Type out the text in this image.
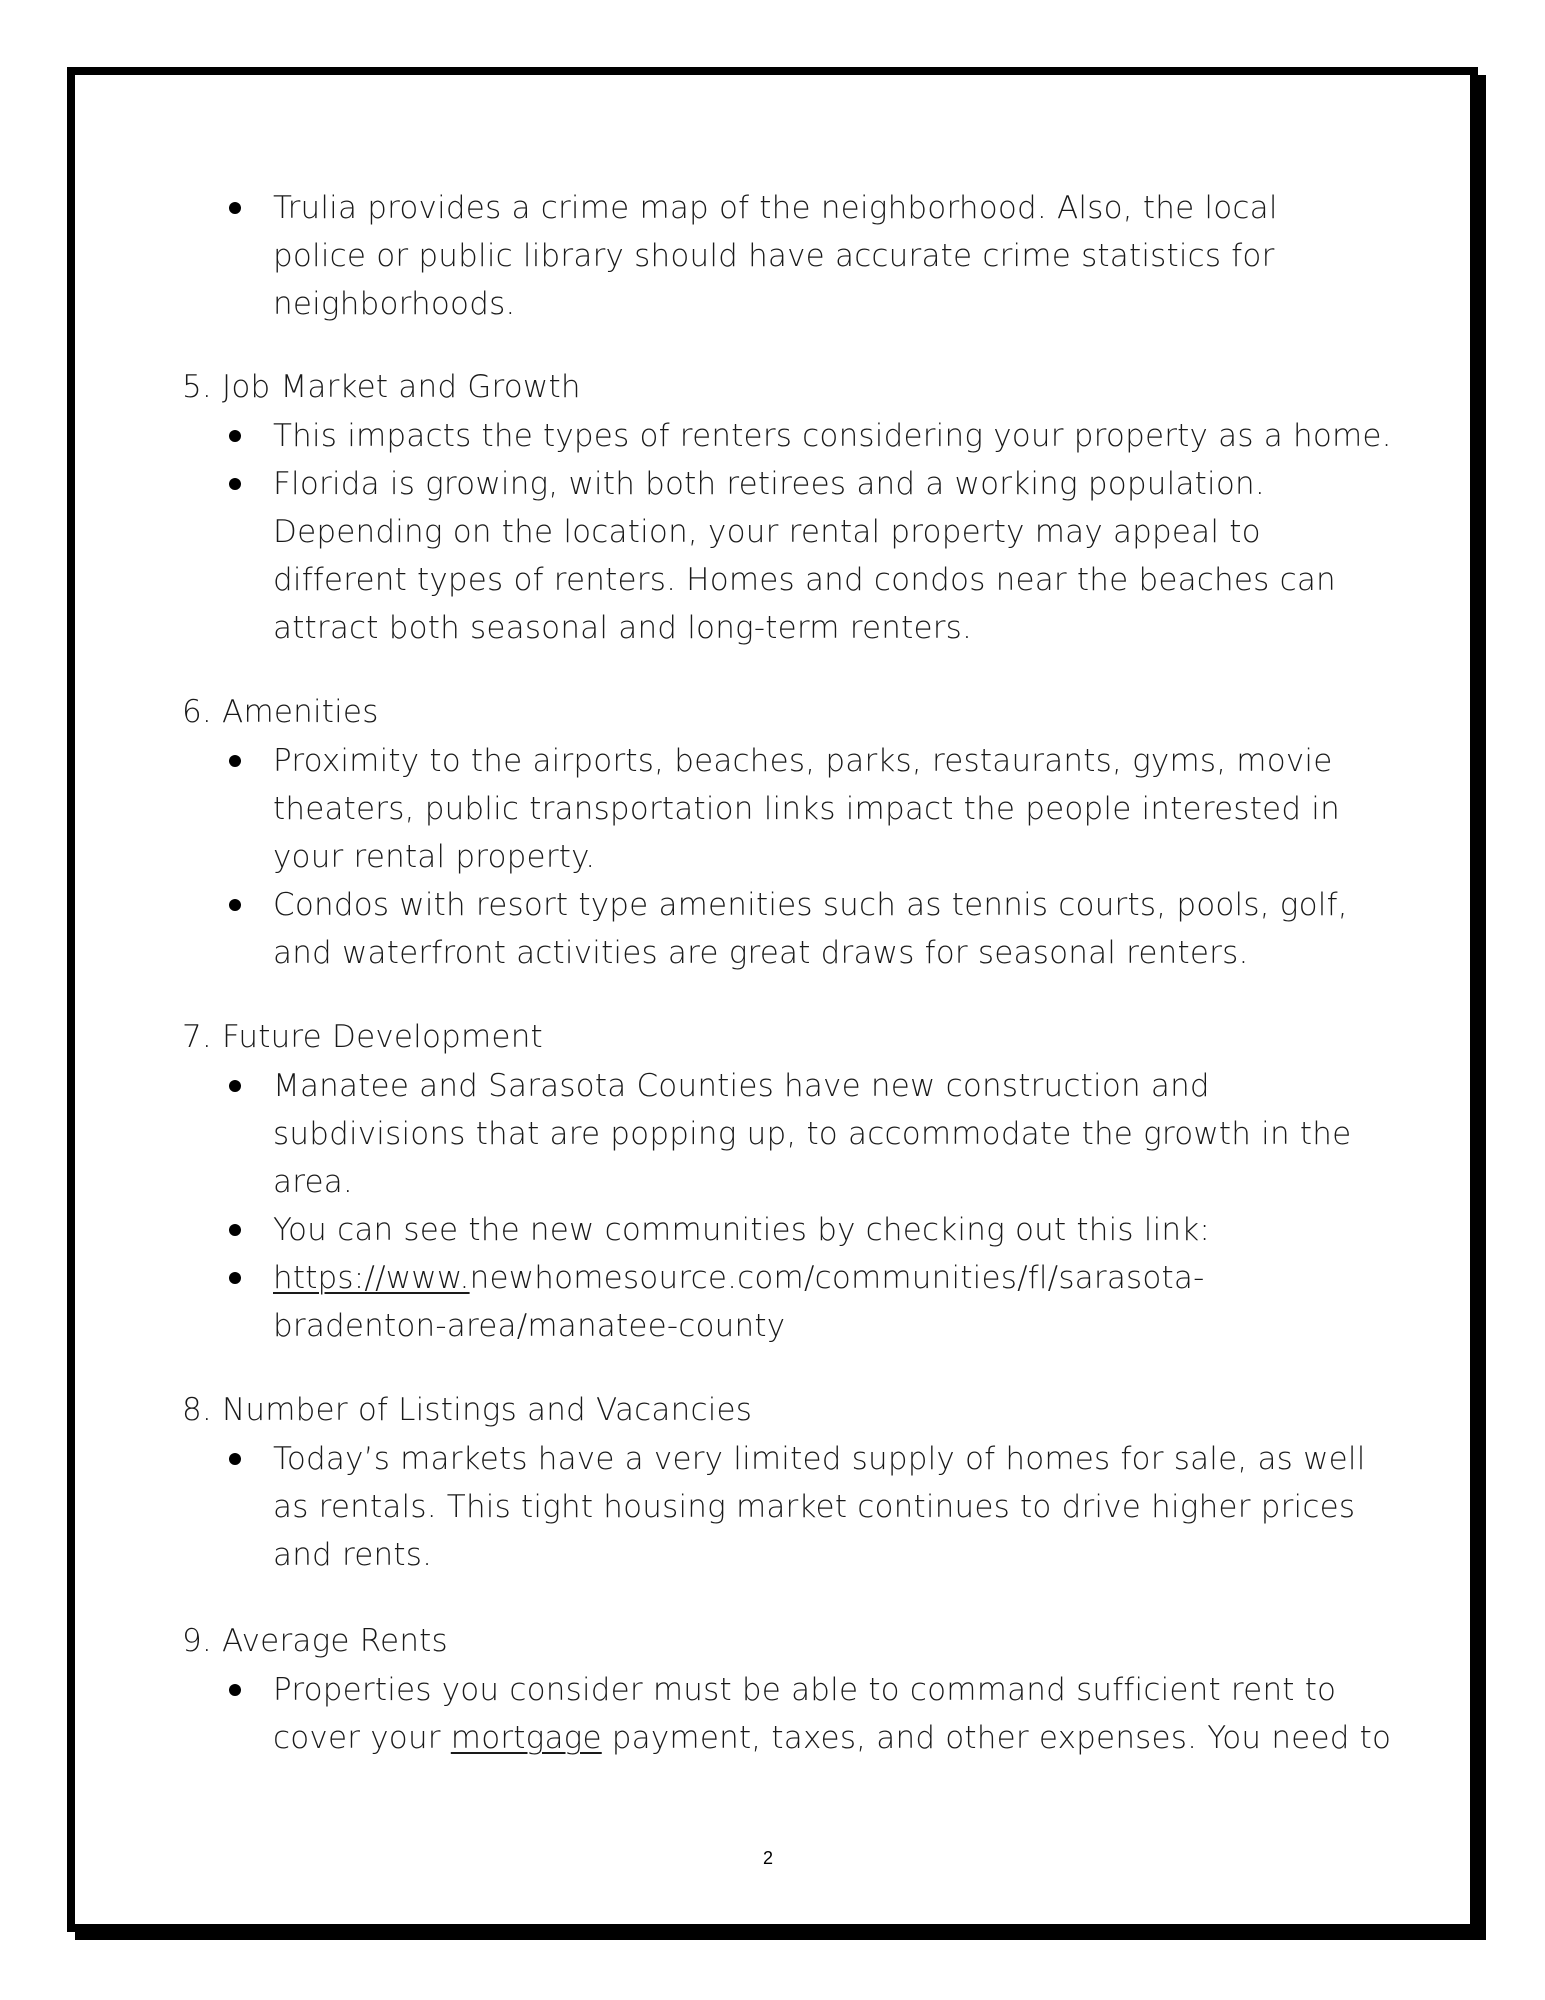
Trulia provides a crime map of the neighborhood. Also, the local
police or public library should have accurate crime statistics for
neighborhoods.
5. Job Market and Growth
This impacts the types of renters considering your property as a home.
Florida is growing, with both retirees and a working population.
Depending on the location, your rental property may appeal to
different types of renters. Homes and condos near the beaches can
attract both seasonal and long-term renters.
6. Amenities
Proximity to the airports, beaches, parks, restaurants, gyms, movie
theaters, public transportation links impact the people interested in
your rental property.
Condos with resort type amenities such as tennis courts, pools, golf,
and waterfront activities are great draws for seasonal renters.
7. Future Development
Manatee and Sarasota Counties have new construction and
subdivisions that are popping up, to accommodate the growth in the
area.
You can see the new communities by checking out this link:
https://www.newhomesource.com/communities/fl/sarasota-
bradenton-area/manatee-county
8. Number of Listings and Vacancies
Today’s markets have a very limited supply of homes for sale, as well
as rentals. This tight housing market continues to drive higher prices
and rents.
9. Average Rents
Properties you consider must be able to command sufficient rent to
cover your mortgage payment, taxes, and other expenses. You need to
2
